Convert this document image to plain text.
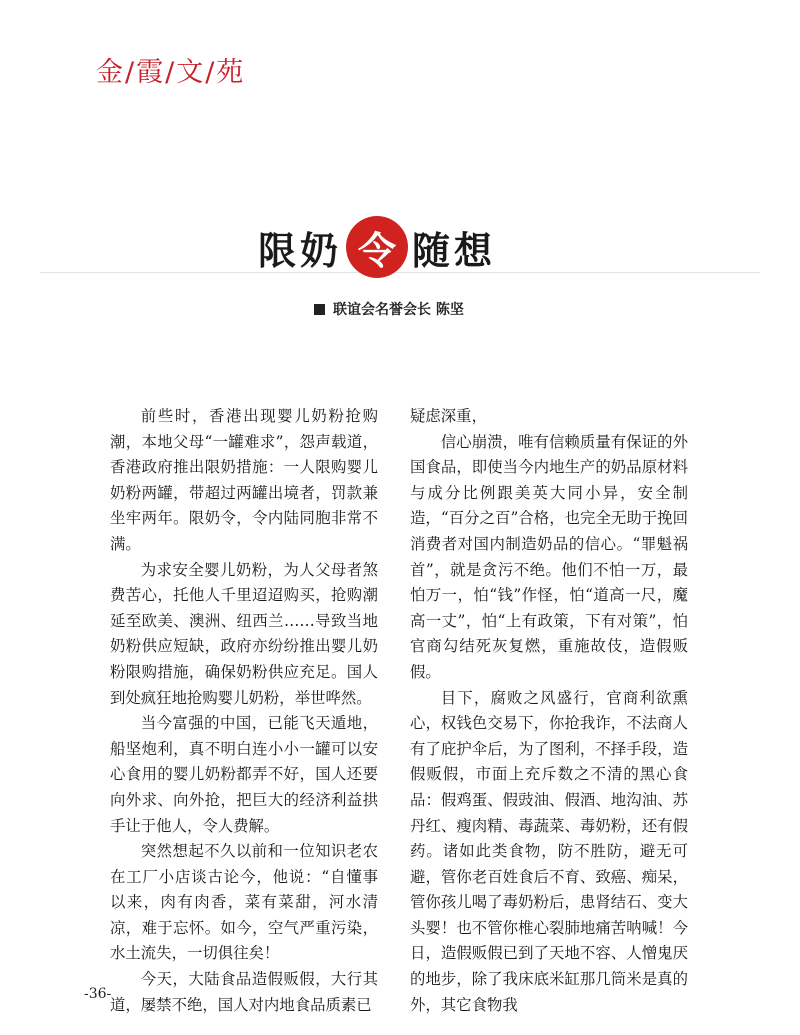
金/霞/文/苑
限奶 令 随想
联谊会名誉会长 陈坚

前些时，香港出现婴儿奶粉抢购潮，本地父母“一罐难求”，怨声载道，香港政府推出限奶措施：一人限购婴儿奶粉两罐，带超过两罐出境者，罚款兼坐牢两年。限奶令，令内陆同胞非常不满。

为求安全婴儿奶粉，为人父母者煞费苦心，托他人千里迢迢购买，抢购潮延至欧美、澳洲、纽西兰……导致当地奶粉供应短缺，政府亦纷纷推出婴儿奶粉限购措施，确保奶粉供应充足。国人到处疯狂地抢购婴儿奶粉，举世哗然。

当今富强的中国，已能飞天遁地，船坚炮利，真不明白连小小一罐可以安心食用的婴儿奶粉都弄不好，国人还要向外求、向外抢，把巨大的经济利益拱手让于他人，令人费解。

突然想起不久以前和一位知识老农在工厂小店谈古论今，他说：“自懂事以来，肉有肉香，菜有菜甜，河水清凉，难于忘怀。如今，空气严重污染，水土流失，一切俱往矣！

今天，大陆食品造假贩假，大行其道，屡禁不绝，国人对内地食品质素已

疑虑深重，

信心崩溃，唯有信赖质量有保证的外国食品，即使当今内地生产的奶品原材料与成分比例跟美英大同小异，安全制造，“百分之百”合格，也完全无助于挽回消费者对国内制造奶品的信心。“罪魁祸首”，就是贪污不绝。他们不怕一万，最怕万一，怕“钱”作怪，怕“道高一尺，魔高一丈”，怕“上有政策，下有对策”，怕官商勾结死灰复燃，重施故伎，造假贩假。

目下，腐败之风盛行，官商利欲熏心，权钱色交易下，你抢我诈，不法商人有了庇护伞后，为了图利，不择手段，造假贩假，市面上充斥数之不清的黑心食品：假鸡蛋、假豉油、假酒、地沟油、苏丹红、瘦肉精、毒蔬菜、毒奶粉，还有假药。诸如此类食物，防不胜防，避无可避，管你老百姓食后不育、致癌、痴呆，管你孩儿喝了毒奶粉后，患肾结石、变大头婴！也不管你椎心裂肺地痛苦呐喊！今日，造假贩假已到了天地不容、人憎鬼厌的地步，除了我床底米缸那几筒米是真的外，其它食物我

-36-
